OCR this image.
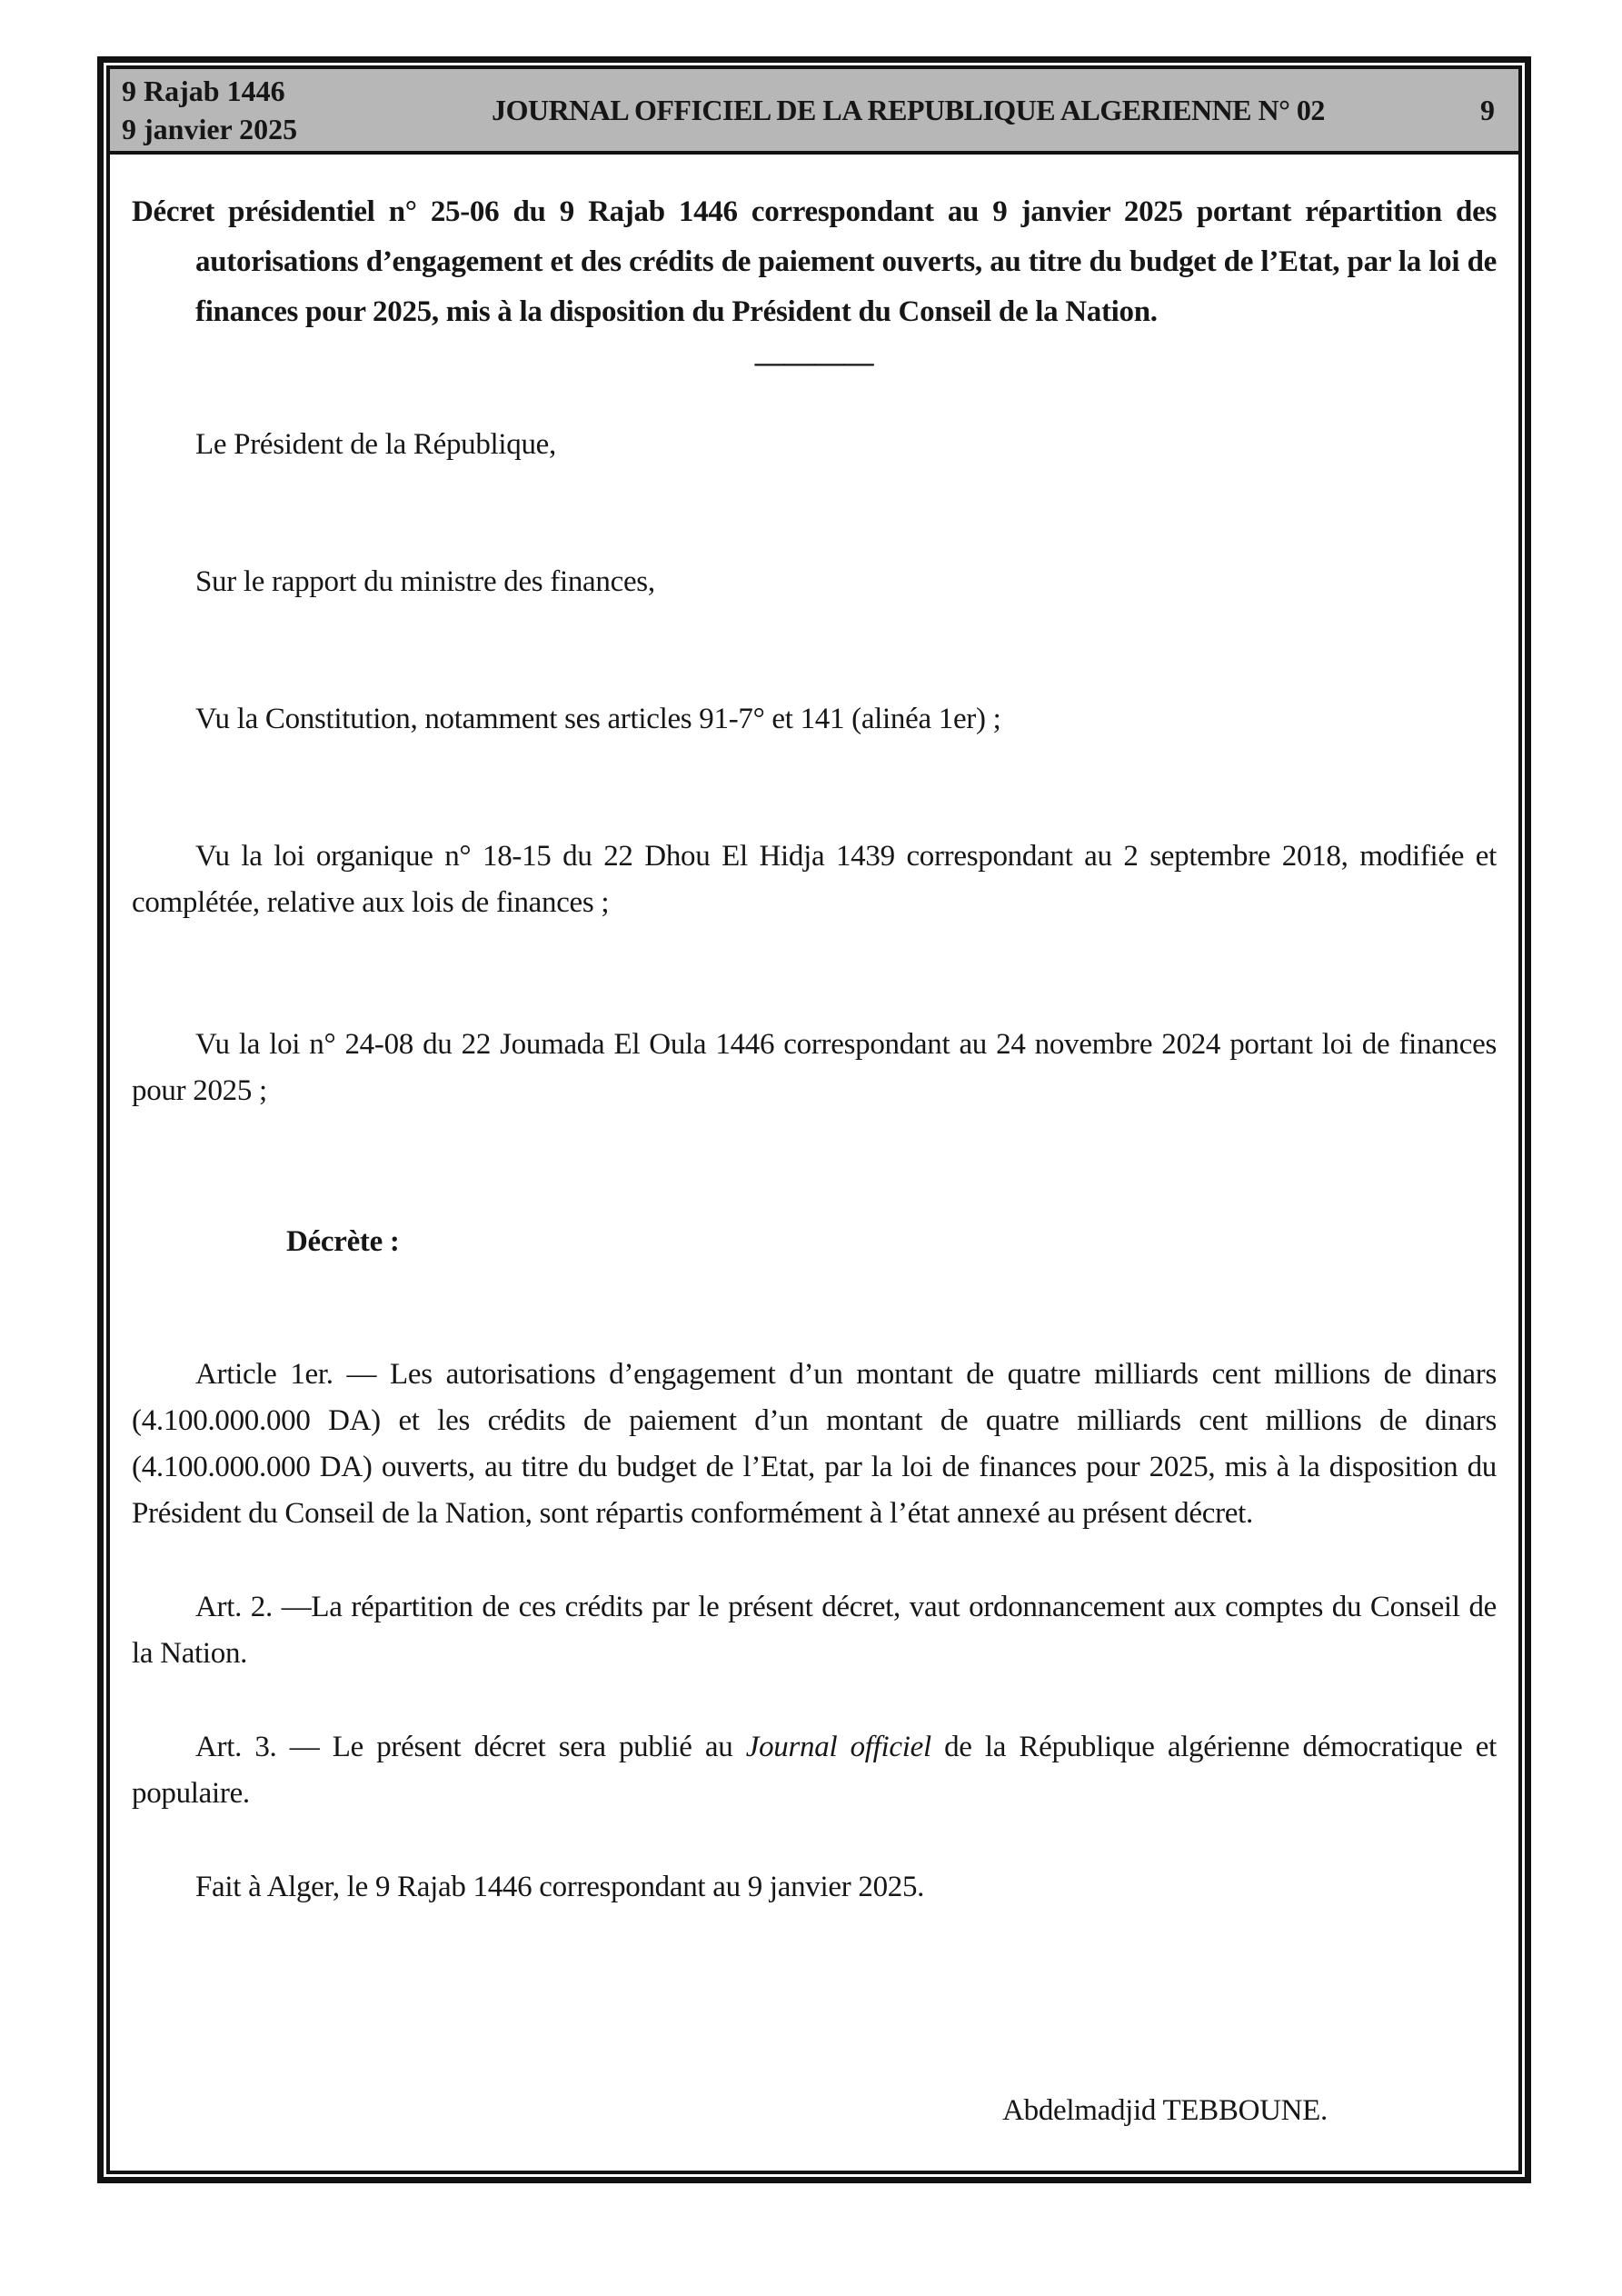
9 Rajab 1446
9 janvier 2025
JOURNAL OFFICIEL DE LA REPUBLIQUE ALGERIENNE N° 02	9

Décret présidentiel n° 25-06 du 9 Rajab 1446 correspondant au 9 janvier 2025 portant répartition des autorisations d’engagement et des crédits de paiement ouverts, au titre du budget de l’Etat, par la loi de finances pour 2025, mis à la disposition du Président du Conseil de la Nation.

— — — —

Le Président de la République,

Sur le rapport du ministre des finances,

Vu la Constitution, notamment ses articles 91-7° et 141 (alinéa 1er) ;

Vu la loi organique n° 18-15 du 22 Dhou El Hidja 1439 correspondant au 2 septembre 2018, modifiée et complétée, relative aux lois de finances ;

Vu la loi n° 24-08 du 22 Joumada El Oula 1446 correspondant au 24 novembre 2024 portant loi de finances pour 2025 ;

Décrète :

Article 1er. — Les autorisations d’engagement d’un montant de quatre milliards cent millions de dinars (4.100.000.000 DA) et les crédits de paiement d’un montant de quatre milliards cent millions de dinars (4.100.000.000 DA) ouverts, au titre du budget de l’Etat, par la loi de finances pour 2025, mis à la disposition du Président du Conseil de la Nation, sont répartis conformément à l’état annexé au présent décret.

Art. 2. —La répartition de ces crédits par le présent décret, vaut ordonnancement aux comptes du Conseil de la Nation.

Art. 3. — Le présent décret sera publié au Journal officiel de la République algérienne démocratique et populaire.

Fait à Alger, le 9 Rajab 1446 correspondant au 9 janvier 2025.

Abdelmadjid TEBBOUNE.
